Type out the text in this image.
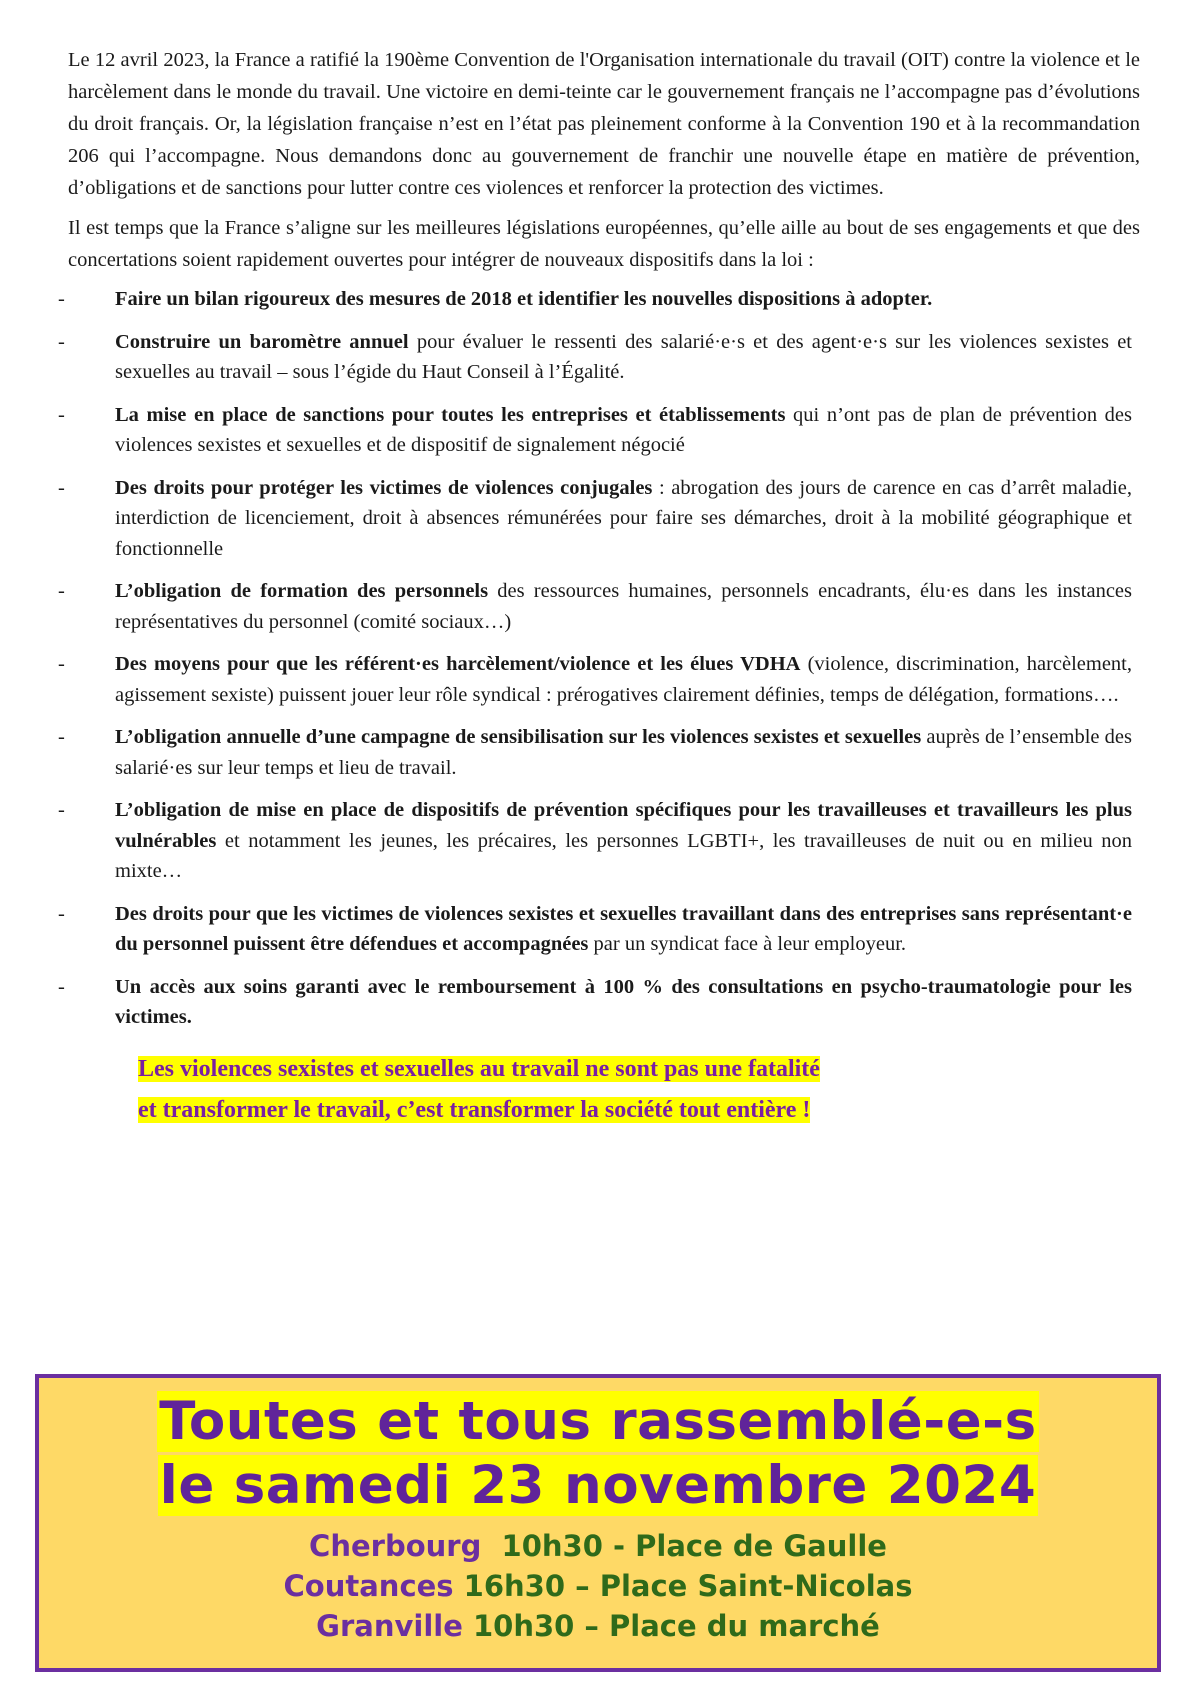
Le 12 avril 2023, la France a ratifié la 190ème Convention de l'Organisation internationale du travail (OIT) contre la violence et le harcèlement dans le monde du travail. Une victoire en demi-teinte car le gouvernement français ne l’accompagne pas d’évolutions du droit français. Or, la législation française n’est en l’état pas pleinement conforme à la Convention 190 et à la recommandation 206 qui l’accompagne. Nous demandons donc au gouvernement de franchir une nouvelle étape en matière de prévention, d’obligations et de sanctions pour lutter contre ces violences et renforcer la protection des victimes.

Il est temps que la France s’aligne sur les meilleures législations européennes, qu’elle aille au bout de ses engagements et que des concertations soient rapidement ouvertes pour intégrer de nouveaux dispositifs dans la loi :

- Faire un bilan rigoureux des mesures de 2018 et identifier les nouvelles dispositions à adopter.
- Construire un baromètre annuel pour évaluer le ressenti des salarié·e·s et des agent·e·s sur les violences sexistes et sexuelles au travail – sous l’égide du Haut Conseil à l’Égalité.
- La mise en place de sanctions pour toutes les entreprises et établissements qui n’ont pas de plan de prévention des violences sexistes et sexuelles et de dispositif de signalement négocié
- Des droits pour protéger les victimes de violences conjugales : abrogation des jours de carence en cas d’arrêt maladie, interdiction de licenciement, droit à absences rémunérées pour faire ses démarches, droit à la mobilité géographique et fonctionnelle
- L’obligation de formation des personnels des ressources humaines, personnels encadrants, élu·es dans les instances représentatives du personnel (comité sociaux…)
- Des moyens pour que les référent·es harcèlement/violence et les élues VDHA (violence, discrimination, harcèlement, agissement sexiste) puissent jouer leur rôle syndical : prérogatives clairement définies, temps de délégation, formations….
- L’obligation annuelle d’une campagne de sensibilisation sur les violences sexistes et sexuelles auprès de l’ensemble des salarié·es sur leur temps et lieu de travail.
- L’obligation de mise en place de dispositifs de prévention spécifiques pour les travailleuses et travailleurs les plus vulnérables et notamment les jeunes, les précaires, les personnes LGBTI+, les travailleuses de nuit ou en milieu non mixte…
- Des droits pour que les victimes de violences sexistes et sexuelles travaillant dans des entreprises sans représentant·e du personnel puissent être défendues et accompagnées par un syndicat face à leur employeur.
- Un accès aux soins garanti avec le remboursement à 100 % des consultations en psycho-traumatologie pour les victimes.
Les violences sexistes et sexuelles au travail ne sont pas une fatalité
et transformer le travail, c’est transformer la société tout entière !
Toutes et tous rassemblé-e-s
le samedi 23 novembre 2024
Cherbourg  10h30 - Place de Gaulle
Coutances 16h30 – Place Saint-Nicolas
Granville 10h30 – Place du marché
